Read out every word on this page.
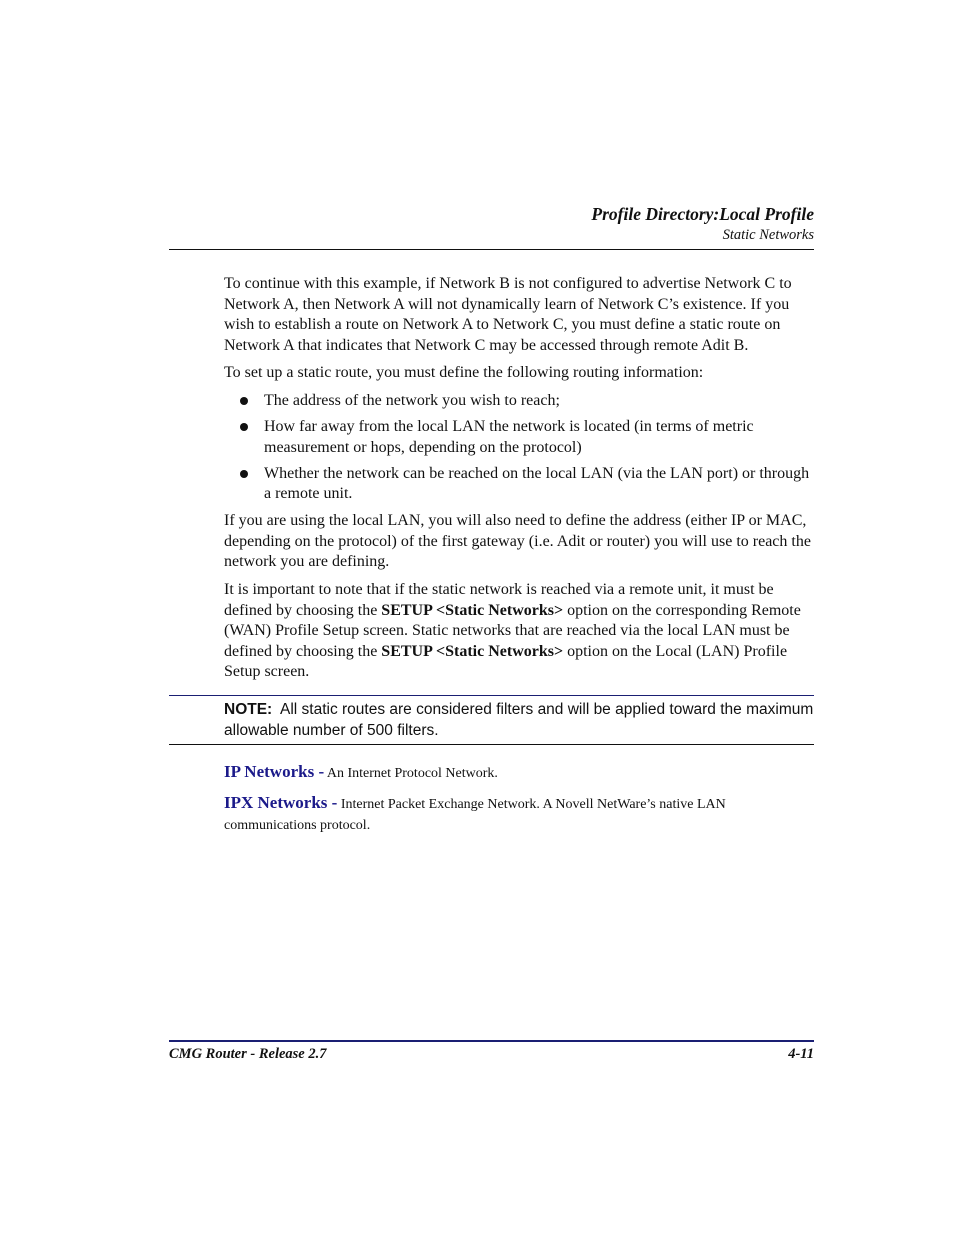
Profile Directory:Local Profile
Static Networks

To continue with this example, if Network B is not configured to advertise Network C to Network A, then Network A will not dynamically learn of Network C’s existence. If you wish to establish a route on Network A to Network C, you must define a static route on Network A that indicates that Network C may be accessed through remote Adit B.

To set up a static route, you must define the following routing information:

The address of the network you wish to reach;
How far away from the local LAN the network is located (in terms of metric measurement or hops, depending on the protocol)
Whether the network can be reached on the local LAN (via the LAN port) or through a remote unit.

If you are using the local LAN, you will also need to define the address (either IP or MAC, depending on the protocol) of the first gateway (i.e. Adit or router) you will use to reach the network you are defining.

It is important to note that if the static network is reached via a remote unit, it must be defined by choosing the SETUP <Static Networks> option on the corresponding Remote (WAN) Profile Setup screen. Static networks that are reached via the local LAN must be defined by choosing the SETUP <Static Networks> option on the Local (LAN) Profile Setup screen.

NOTE: All static routes are considered filters and will be applied toward the maximum allowable number of 500 filters.
IP Networks - An Internet Protocol Network.
IPX Networks - Internet Packet Exchange Network. A Novell NetWare’s native LAN communications protocol.
CMG Router - Release 2.7	4-11
